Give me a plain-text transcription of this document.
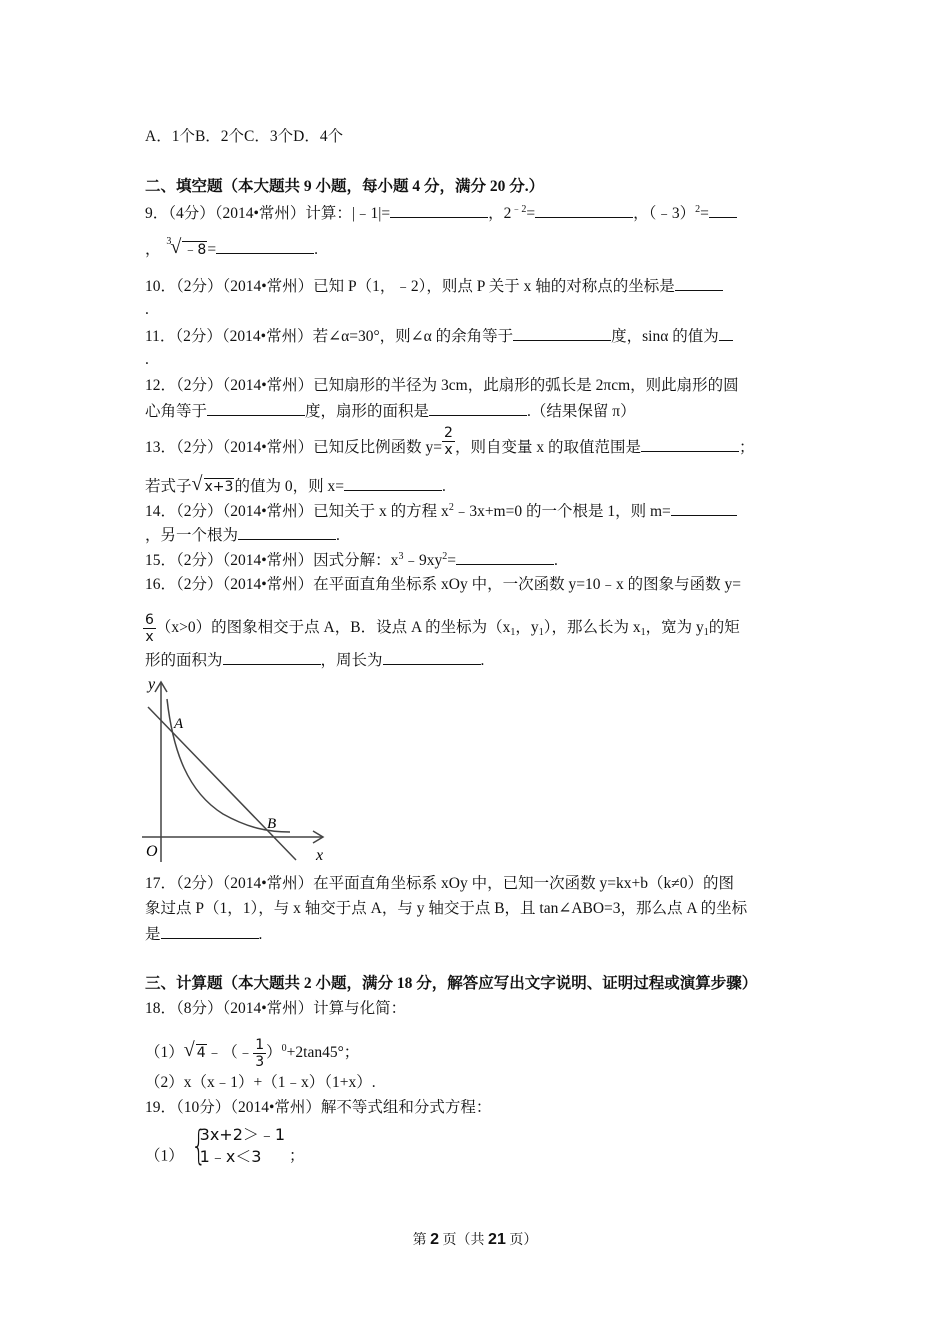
A．1个B．2个C．3个D．4个
二、填空题（本大题共 9 小题，每小题 4 分，满分 20 分.）
9．（4分）（2014•常州）计算：|﹣1|=	，$2^{﹣2}=$	，（﹣3）$^2$=
， 3 √ ﹣8=	.
10．（2分）（2014•常州）已知 P（1，﹣2），则点 P 关于 x 轴的对称点的坐标是
.
11．（2分）（2014•常州）若∠α=30°，则∠α 的余角等于	度，sinα 的值为
.
12．（2分）（2014•常州）已知扇形的半径为 3cm，此扇形的弧长是 2πcm，则此扇形的圆
心角等于	度，扇形的面积是	.（结果保留 π）
13．（2分）（2014•常州）已知反比例函数 $y= \frac{2}{x}$ ，则自变量 x 的取值范围是	；
若式子 √ x+3的值为 0，则 x=	.
14．（2分）（2014•常州）已知关于 x 的方程 $x^2﹣3x+m=0$ 的一个根是 1，则 m=
，另一个根为	.
15．（2分）（2014•常州）因式分解：$x^3﹣9xy^2=$	.
16．（2分）（2014•常州）在平面直角坐标系 xOy 中，一次函数 y=10﹣x 的图象与函数 y=
$\frac{6}{x} (x>0)$的图象相交于点 A，B．设点 A 的坐标为（$x_1$，$y_1$），那么长为 $x_1$，宽为 $y_1$的矩
形的面积为	，周长为	.
y
x
O
A
B
17．（2分）（2014•常州）在平面直角坐标系 xOy 中，已知一次函数 y=kx+b（k≠0）的图
象过点 P（1，1），与 x 轴交于点 A，与 y 轴交于点 B，且 tan∠ABO=3，那么点 A 的坐标
是	.
三、计算题（本大题共 2 小题，满分 18 分，解答应写出文字说明、证明过程或演算步骤）
18．（8分）（2014•常州）计算与化简：
（1） √ 4﹣（﹣ $\frac{1}{3} )^0+2\tan 45^\circ$；
（2）x（x﹣1）+（1﹣x）（1+x）.
19．（10分）（2014•常州）解不等式组和分式方程：
（1） {
3x+2＞﹣1
1﹣x＜3	；
第 2 页（共 21 页）
